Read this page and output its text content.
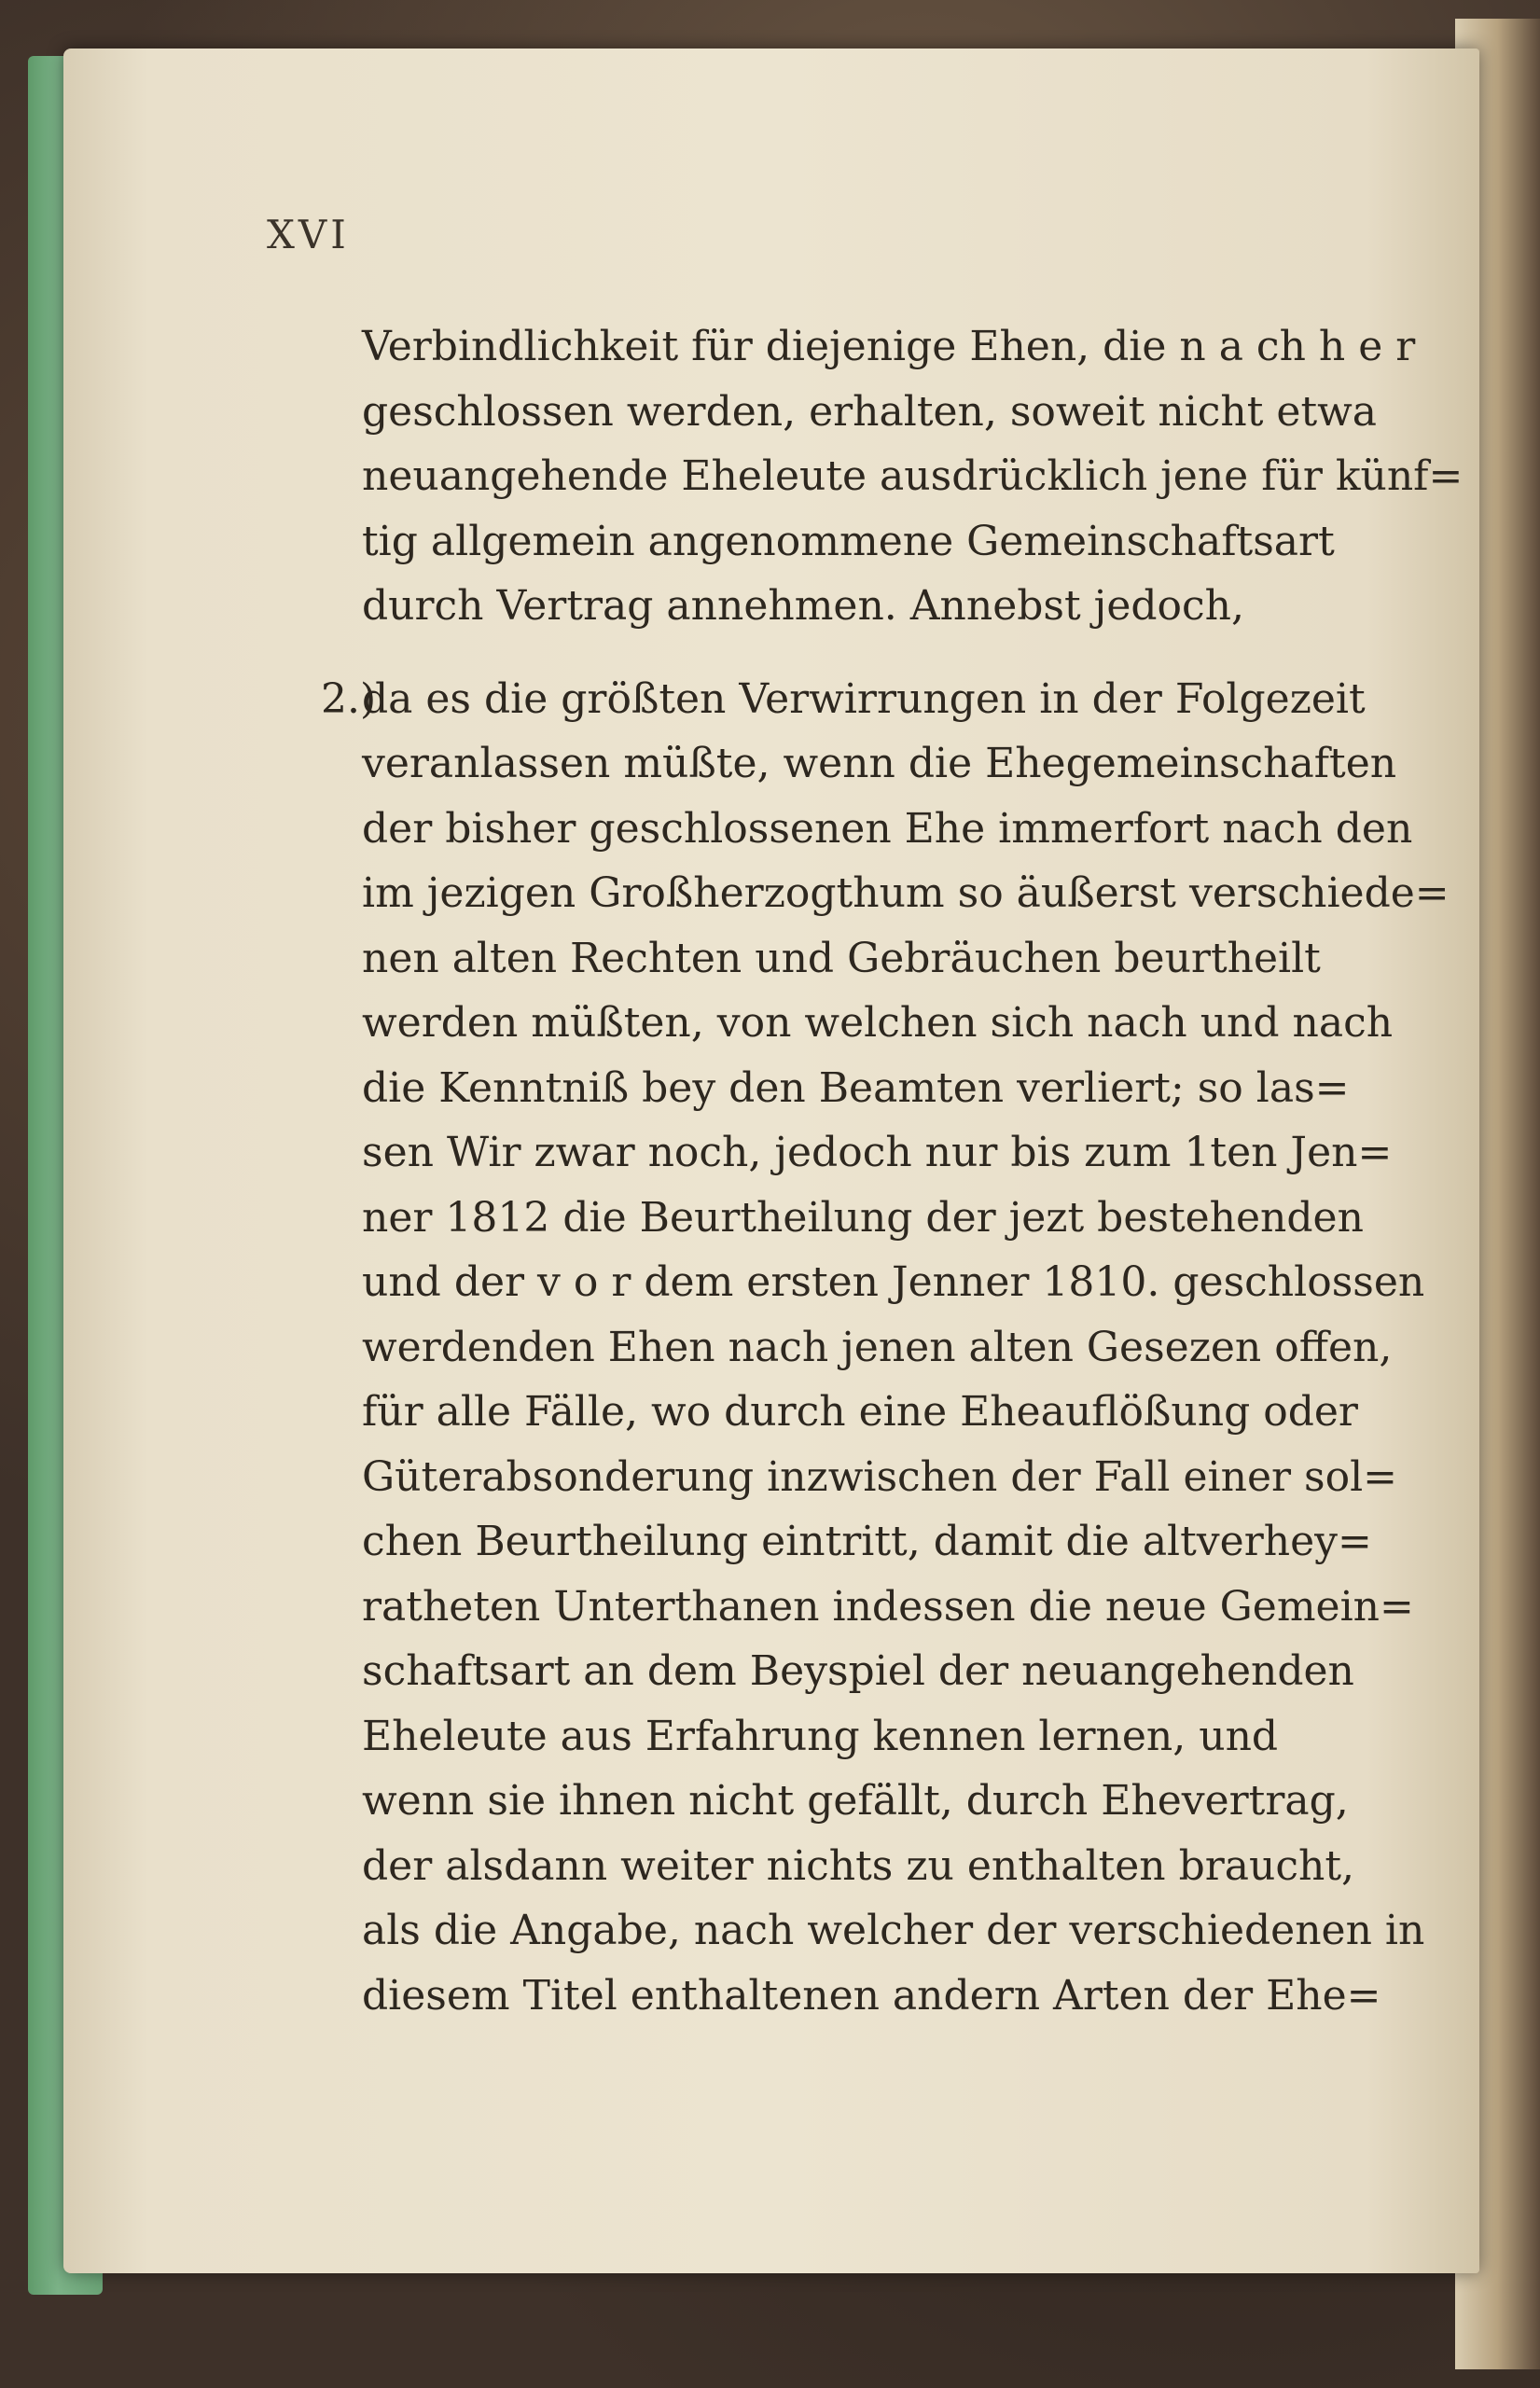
XVI
Verbindlichkeit für diejenige Ehen, die n a ch h e r
geschlossen werden, erhalten, soweit nicht etwa
neuangehende Eheleute ausdrücklich jene für künf=
tig allgemein angenommene Gemeinschaftsart
durch Vertrag annehmen. Annebst jedoch,
2.)
da es die größten Verwirrungen in der Folgezeit
veranlassen müßte, wenn die Ehegemeinschaften
der bisher geschlossenen Ehe immerfort nach den
im jezigen Großherzogthum so äußerst verschiede=
nen alten Rechten und Gebräuchen beurtheilt
werden müßten, von welchen sich nach und nach
die Kenntniß bey den Beamten verliert; so las=
sen Wir zwar noch, jedoch nur bis zum 1ten Jen=
ner 1812 die Beurtheilung der jezt bestehenden
und der v o r dem ersten Jenner 1810. geschlossen
werdenden Ehen nach jenen alten Gesezen offen,
für alle Fälle, wo durch eine Eheauflößung oder
Güterabsonderung inzwischen der Fall einer sol=
chen Beurtheilung eintritt, damit die altverhey=
ratheten Unterthanen indessen die neue Gemein=
schaftsart an dem Beyspiel der neuangehenden
Eheleute aus Erfahrung kennen lernen, und
wenn sie ihnen nicht gefällt, durch Ehevertrag,
der alsdann weiter nichts zu enthalten braucht,
als die Angabe, nach welcher der verschiedenen in
diesem Titel enthaltenen andern Arten der Ehe=
